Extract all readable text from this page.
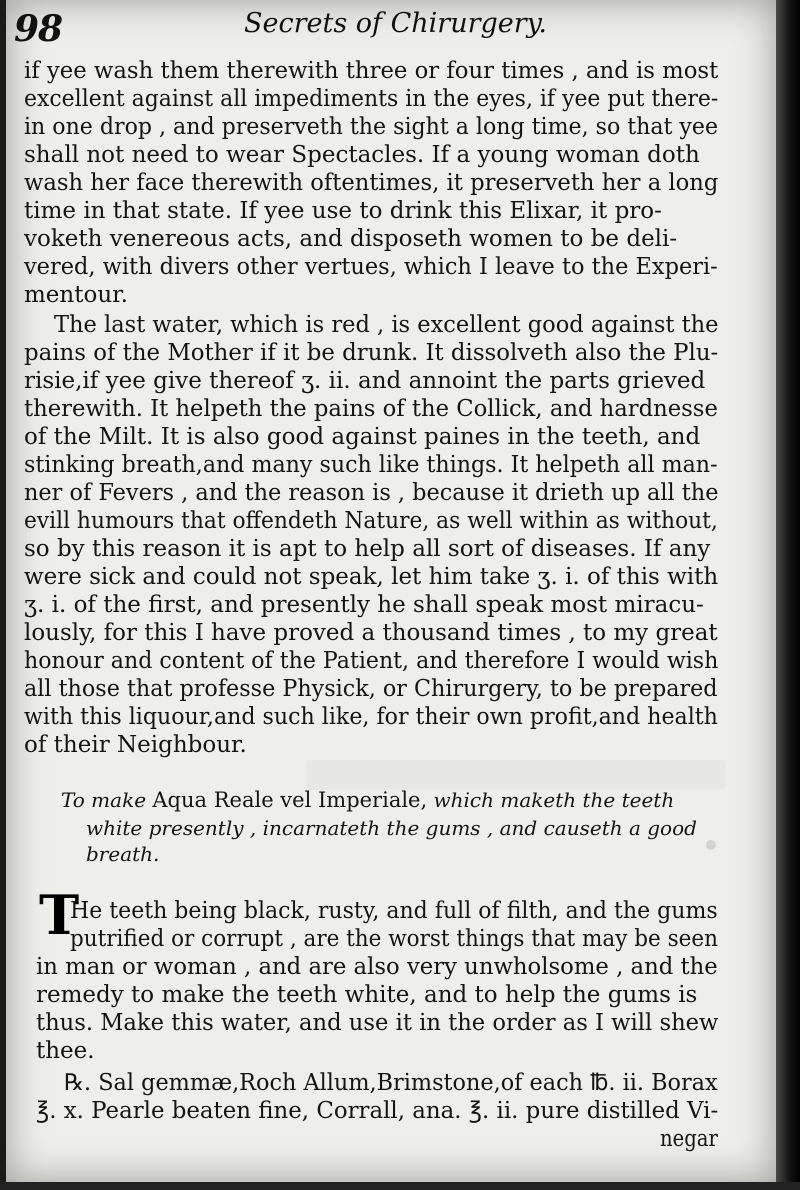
98	Secrets of Chirurgery.
if yee wash them therewith three or four times , and is most
excellent against all impediments in the eyes, if yee put there-
in one drop , and preserveth the sight a long time, so that yee
shall not need to wear Spectacles. If a young woman doth
wash her face therewith oftentimes, it preserveth her a long
time in that state. If yee use to drink this Elixar, it pro-
voketh venereous acts, and disposeth women to be deli-
vered, with divers other vertues, which I leave to the Experi-
mentour.
The last water, which is red , is excellent good against the
pains of the Mother if it be drunk. It dissolveth also the Plu-
risie,if yee give thereof ʒ. ii. and annoint the parts grieved
therewith. It helpeth the pains of the Collick, and hardnesse
of the Milt. It is also good against paines in the teeth, and
stinking breath,and many such like things. It helpeth all man-
ner of Fevers , and the reason is , because it drieth up all the
evill humours that offendeth Nature, as well within as without,
so by this reason it is apt to help all sort of diseases. If any
were sick and could not speak, let him take ʒ. i. of this with
ʒ. i. of the first, and presently he shall speak most miracu-
lously, for this I have proved a thousand times , to my great
honour and content of the Patient, and therefore I would wish
all those that professe Physick, or Chirurgery, to be prepared
with this liquour,and such like, for their own profit,and health
of their Neighbour.
To make Aqua Reale vel Imperiale, which maketh the teeth
white presently , incarnateth the gums , and causeth a good
breath.
T
He teeth being black, rusty, and full of filth, and the gums
putrified or corrupt , are the worst things that may be seen
in man or woman , and are also very unwholsome , and the
remedy to make the teeth white, and to help the gums is
thus. Make this water, and use it in the order as I will shew
thee.
℞. Sal gemmæ,Roch Allum,Brimstone,of each ℔. ii. Borax
℥. x. Pearle beaten fine, Corrall, ana. ℥. ii. pure distilled Vi-
negar
